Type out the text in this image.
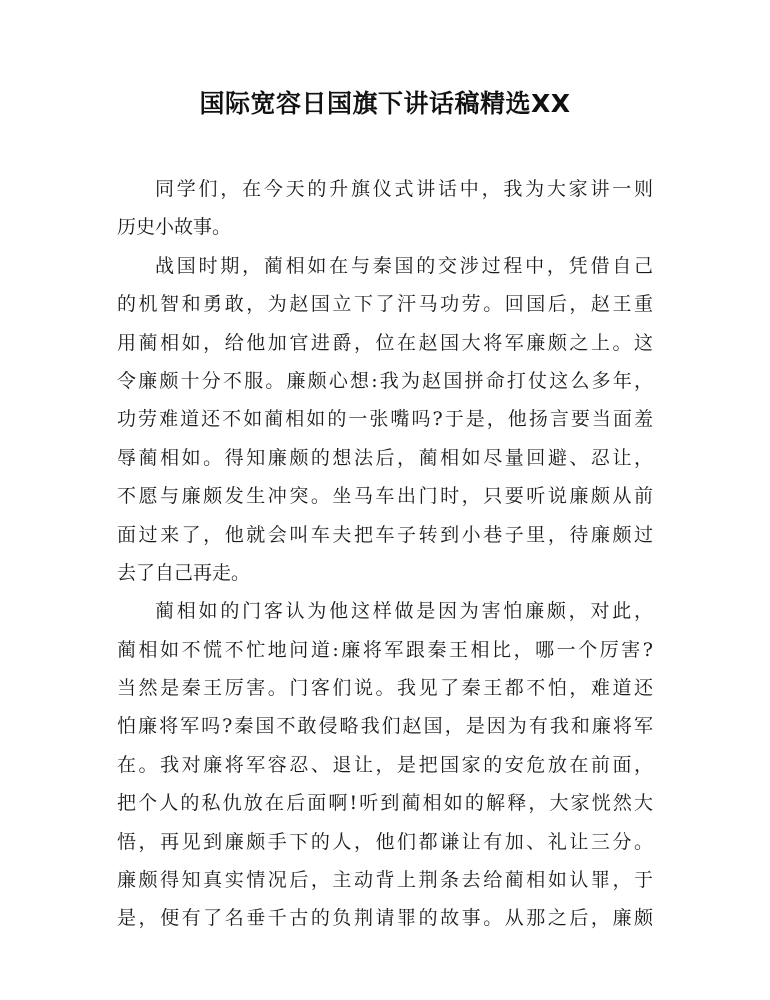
国际宽容日国旗下讲话稿精选XX
同学们，在今天的升旗仪式讲话中，我为大家讲一则
历史小故事。
战国时期，蔺相如在与秦国的交涉过程中，凭借自己
的机智和勇敢，为赵国立下了汗马功劳。回国后，赵王重
用蔺相如，给他加官进爵，位在赵国大将军廉颇之上。这
令廉颇十分不服。廉颇心想:我为赵国拼命打仗这么多年，
功劳难道还不如蔺相如的一张嘴吗?于是，他扬言要当面羞
辱蔺相如。得知廉颇的想法后，蔺相如尽量回避、忍让，
不愿与廉颇发生冲突。坐马车出门时，只要听说廉颇从前
面过来了，他就会叫车夫把车子转到小巷子里，待廉颇过
去了自己再走。
蔺相如的门客认为他这样做是因为害怕廉颇，对此，
蔺相如不慌不忙地问道:廉将军跟秦王相比，哪一个厉害?
当然是秦王厉害。门客们说。我见了秦王都不怕，难道还
怕廉将军吗?秦国不敢侵略我们赵国，是因为有我和廉将军
在。我对廉将军容忍、退让，是把国家的安危放在前面，
把个人的私仇放在后面啊!听到蔺相如的解释，大家恍然大
悟，再见到廉颇手下的人，他们都谦让有加、礼让三分。
廉颇得知真实情况后，主动背上荆条去给蔺相如认罪，于
是，便有了名垂千古的负荆请罪的故事。从那之后，廉颇
